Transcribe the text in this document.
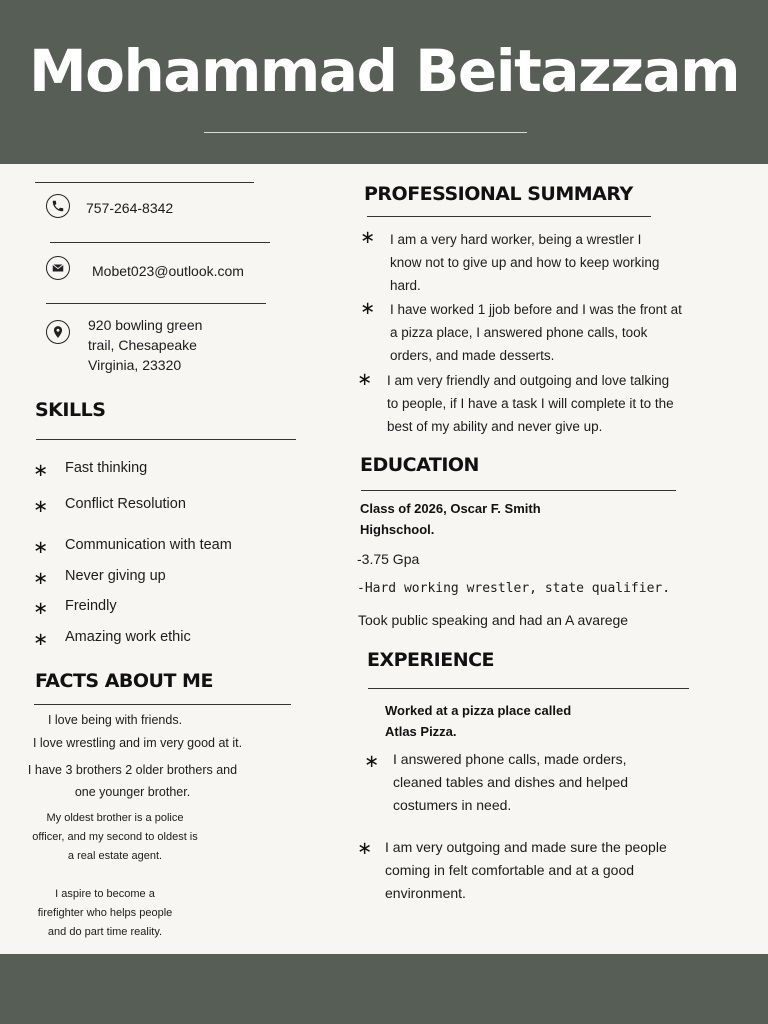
Mohammad Beitazzam
757-264-8342
Mobet023@outlook.com
920 bowling green
trail, Chesapeake
Virginia, 23320
SKILLS
∗ Fast thinking
∗ Conflict Resolution
∗ Communication with team
∗ Never giving up
∗ Freindly
∗ Amazing work ethic
FACTS ABOUT ME
I love being with friends.
I love wrestling and im very good at it.
I have 3 brothers 2 older brothers and
one younger brother.
My oldest brother is a police
officer, and my second to oldest is
a real estate agent.
I aspire to become a
firefighter who helps people
and do part time reality.
PROFESSIONAL SUMMARY
∗ I am a very hard worker, being a wrestler I
know not to give up and how to keep working
hard.
∗ I have worked 1 jjob before and I was the front at
a pizza place, I answered phone calls, took
orders, and made desserts.
∗ I am very friendly and outgoing and love talking
to people, if I have a task I will complete it to the
best of my ability and never give up.
EDUCATION
Class of 2026, Oscar F. Smith
Highschool.
-3.75 Gpa
-Hard working wrestler, state qualifier.
Took public speaking and had an A avarege
EXPERIENCE
Worked at a pizza place called
Atlas Pizza.
∗ I answered phone calls, made orders,
cleaned tables and dishes and helped
costumers in need.
∗ I am very outgoing and made sure the people
coming in felt comfortable and at a good
environment.
